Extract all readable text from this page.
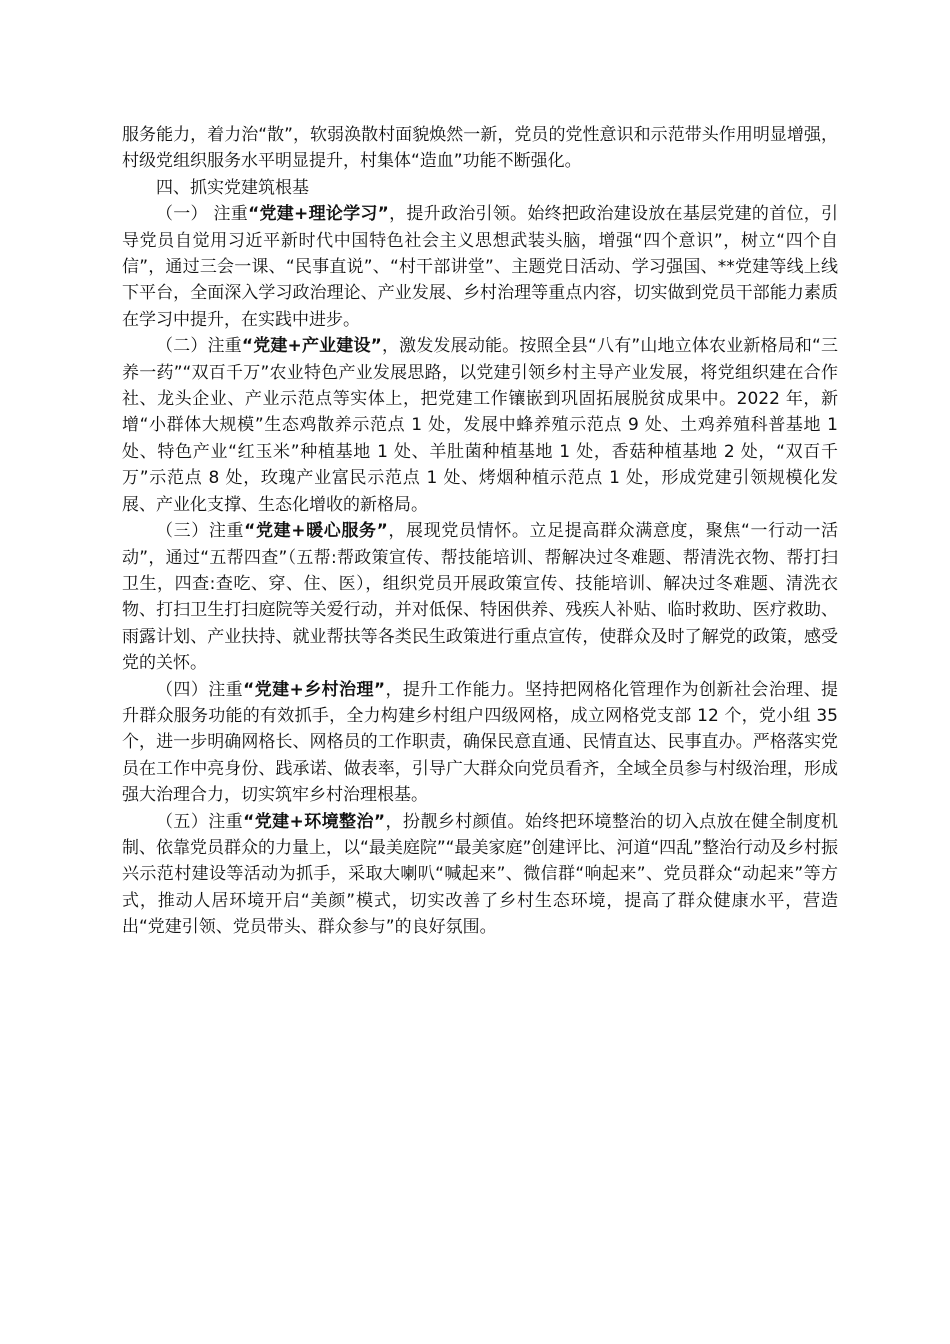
服务能力，着力治“散”，软弱涣散村面貌焕然一新，党员的党性意识和示范带头作用明显增强，村级党组织服务水平明显提升，村集体“造血”功能不断强化。

四、抓实党建筑根基

（一） 注重“党建+理论学习”，提升政治引领。始终把政治建设放在基层党建的首位，引导党员自觉用习近平新时代中国特色社会主义思想武装头脑，增强“四个意识”，树立“四个自信”，通过三会一课、“民事直说”、“村干部讲堂”、主题党日活动、学习强国、**党建等线上线下平台，全面深入学习政治理论、产业发展、乡村治理等重点内容，切实做到党员干部能力素质在学习中提升，在实践中进步。

（二）注重“党建+产业建设”，激发发展动能。按照全县“八有”山地立体农业新格局和“三养一药”“双百千万”农业特色产业发展思路，以党建引领乡村主导产业发展，将党组织建在合作社、龙头企业、产业示范点等实体上，把党建工作镶嵌到巩固拓展脱贫成果中。2022 年，新增“小群体大规模”生态鸡散养示范点 1 处，发展中蜂养殖示范点 9 处、土鸡养殖科普基地 1 处、特色产业“红玉米”种植基地 1 处、羊肚菌种植基地 1 处，香菇种植基地 2 处，“双百千万”示范点 8 处，玫瑰产业富民示范点 1 处、烤烟种植示范点 1 处，形成党建引领规模化发展、产业化支撑、生态化增收的新格局。

（三）注重“党建+暖心服务”，展现党员情怀。立足提高群众满意度，聚焦“一行动一活动”，通过“五帮四查”（五帮:帮政策宣传、帮技能培训、帮解决过冬难题、帮清洗衣物、帮打扫卫生，四查:查吃、穿、住、医），组织党员开展政策宣传、技能培训、解决过冬难题、清洗衣物、打扫卫生打扫庭院等关爱行动，并对低保、特困供养、残疾人补贴、临时救助、医疗救助、雨露计划、产业扶持、就业帮扶等各类民生政策进行重点宣传，使群众及时了解党的政策，感受党的关怀。

（四）注重“党建+乡村治理”，提升工作能力。坚持把网格化管理作为创新社会治理、提升群众服务功能的有效抓手，全力构建乡村组户四级网格，成立网格党支部 12 个，党小组 35 个，进一步明确网格长、网格员的工作职责，确保民意直通、民情直达、民事直办。严格落实党员在工作中亮身份、践承诺、做表率，引导广大群众向党员看齐，全域全员参与村级治理，形成强大治理合力，切实筑牢乡村治理根基。

（五）注重“党建+环境整治”，扮靓乡村颜值。始终把环境整治的切入点放在健全制度机制、依靠党员群众的力量上，以“最美庭院”“最美家庭”创建评比、河道“四乱”整治行动及乡村振兴示范村建设等活动为抓手，采取大喇叭“喊起来”、微信群“响起来”、党员群众“动起来”等方式，推动人居环境开启“美颜”模式，切实改善了乡村生态环境，提高了群众健康水平，营造出“党建引领、党员带头、群众参与”的良好氛围。
